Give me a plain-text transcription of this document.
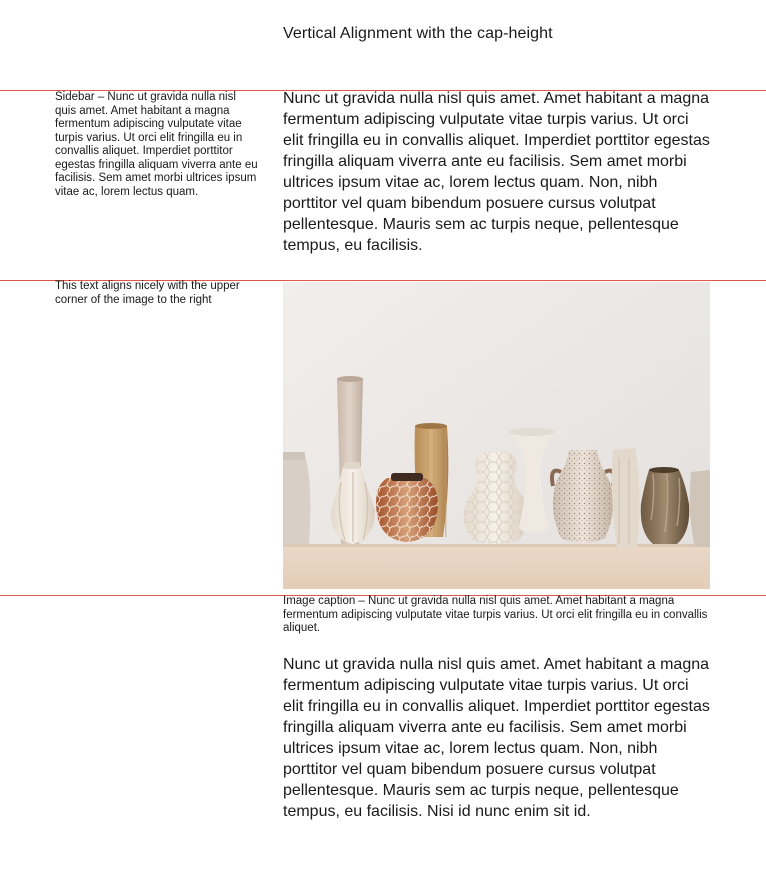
Vertical Alignment with the cap-height
Sidebar – Nunc ut gravida nulla nisl quis amet. Amet habitant a magna fermentum adipiscing vulputate vitae turpis varius. Ut orci elit fringilla eu in convallis aliquet. Imperdiet porttitor egestas fringilla aliquam viverra ante eu facilisis. Sem amet morbi ultrices ipsum vitae ac, lorem lectus quam.
This text aligns nicely with the upper corner of the image to the right
Nunc ut gravida nulla nisl quis amet. Amet habitant a magna fermentum adipiscing vulputate vitae turpis varius. Ut orci elit fringilla eu in convallis aliquet. Imperdiet porttitor egestas fringilla aliquam viverra ante eu facilisis. Sem amet morbi ultrices ipsum vitae ac, lorem lectus quam. Non, nibh porttitor vel quam bibendum posuere cursus volutpat pellentesque. Mauris sem ac turpis neque, pellentesque tempus, eu facilisis.
Image caption – Nunc ut gravida nulla nisl quis amet. Amet habitant a magna fermentum adipiscing vulputate vitae turpis varius. Ut orci elit fringilla eu in convallis aliquet.
Nunc ut gravida nulla nisl quis amet. Amet habitant a magna fermentum adipiscing vulputate vitae turpis varius. Ut orci elit fringilla eu in convallis aliquet. Imperdiet porttitor egestas fringilla aliquam viverra ante eu facilisis. Sem amet morbi ultrices ipsum vitae ac, lorem lectus quam. Non, nibh porttitor vel quam bibendum posuere cursus volutpat pellentesque. Mauris sem ac turpis neque, pellentesque tempus, eu facilisis. Nisi id nunc enim sit id.
